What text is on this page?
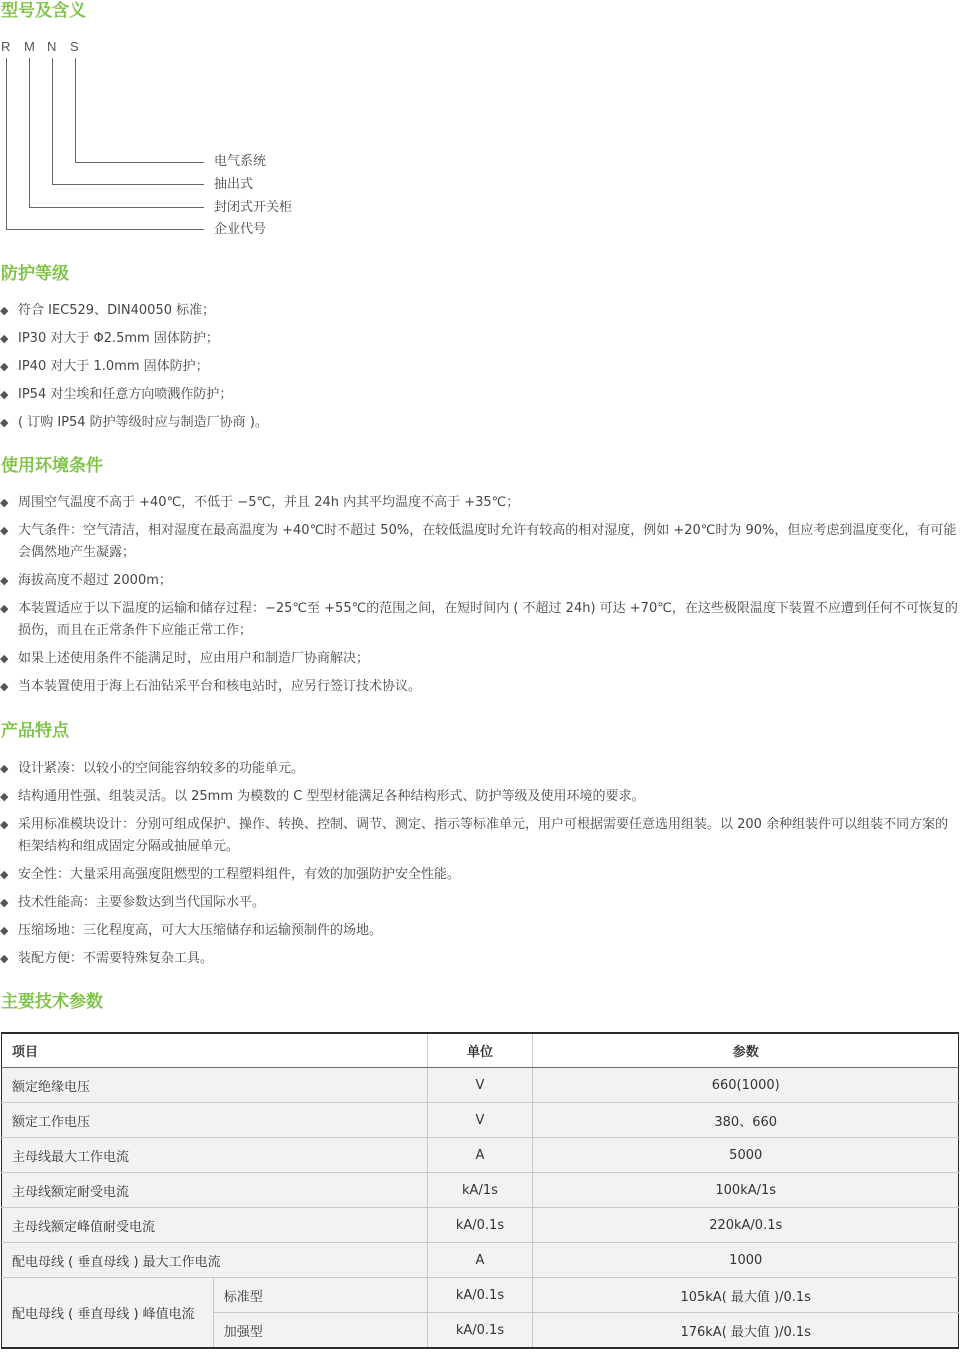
型号及含义
R M N S
电气系统
抽出式
封闭式开关柜
企业代号
防护等级
◆ 符合 IEC529、DIN40050 标准；
◆ IP30 对大于 Φ2.5mm 固体防护；
◆ IP40 对大于 1.0mm 固体防护；
◆ IP54 对尘埃和任意方向喷溅作防护；
◆ ( 订购 IP54 防护等级时应与制造厂协商 )。
使用环境条件
◆ 周围空气温度不高于 +40℃，不低于 −5℃，并且 24h 内其平均温度不高于 +35℃；
◆ 大气条件：空气清洁，相对湿度在最高温度为 +40℃时不超过 50%，在较低温度时允许有较高的相对湿度，例如 +20℃时为 90%，但应考虑到温度变化，有可能会偶然地产生凝露；
◆ 海拔高度不超过 2000m；
◆ 本装置适应于以下温度的运输和储存过程：−25℃至 +55℃的范围之间，在短时间内 ( 不超过 24h) 可达 +70℃，在这些极限温度下装置不应遭到任何不可恢复的损伤，而且在正常条件下应能正常工作；
◆ 如果上述使用条件不能满足时，应由用户和制造厂协商解决；
◆ 当本装置使用于海上石油钻采平台和核电站时，应另行签订技术协议。
产品特点
◆ 设计紧凑：以较小的空间能容纳较多的功能单元。
◆ 结构通用性强、组装灵活。以 25mm 为模数的 C 型型材能满足各种结构形式、防护等级及使用环境的要求。
◆ 采用标准模块设计：分别可组成保护、操作、转换、控制、调节、测定、指示等标准单元，用户可根据需要任意选用组装。以 200 余种组装件可以组装不同方案的柜架结构和组成固定分隔或抽屉单元。
◆ 安全性：大量采用高强度阻燃型的工程塑料组件，有效的加强防护安全性能。
◆ 技术性能高：主要参数达到当代国际水平。
◆ 压缩场地：三化程度高，可大大压缩储存和运输预制件的场地。
◆ 装配方便：不需要特殊复杂工具。
主要技术参数
项目		单位	参数
额定绝缘电压		V	660(1000)
额定工作电压		V	380、660
主母线最大工作电流		A	5000
主母线额定耐受电流		kA/1s	100kA/1s
主母线额定峰值耐受电流		kA/0.1s	220kA/0.1s
配电母线 ( 垂直母线 ) 最大工作电流		A	1000
配电母线 ( 垂直母线 ) 峰值电流	标准型	kA/0.1s	105kA( 最大值 )/0.1s
	加强型	kA/0.1s	176kA( 最大值 )/0.1s
